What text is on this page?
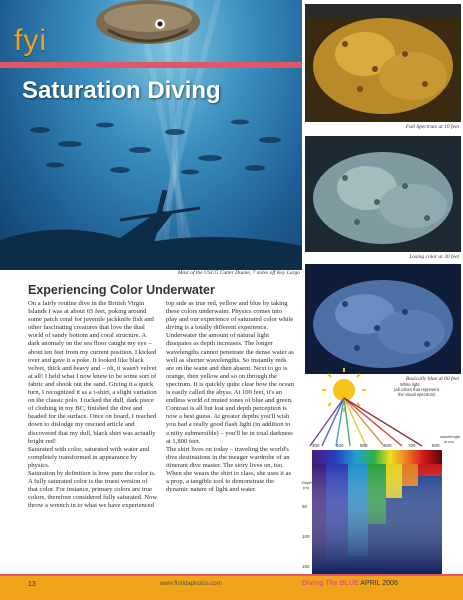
fyi
Saturation Diving
Mast of the USCG Cutter Duane, 7 miles off Key Largo
Full Spectrum at 10 feet
Losing color at 30 feet
Basically blue at 60 feet
Experiencing Color Underwater

On a fairly routine dive in the British Virgin Islands I was at about 65 feet, poking around some patch coral for juvenile jackknife fish and other fascinating creatures that love the dual world of sandy bottom and coral structure. A dark anomaly on the sea floor caught my eye – about ten feet from my current position. I kicked over and gave it a poke. It looked like black velvet, thick and heavy and – oh, it wasn't velvet at all! I held what I now knew to be some sort of fabric and shook out the sand. Giving it a quick turn, I recognized it as a t-shirt, a slight variation on the classic polo. I tucked the dull, dark piece of clothing in my BC, finished the dive and headed for the surface. Once on board, I reached down to dislodge my rescued article and discovered that my dull, black shirt was actually bright red!
Saturated with color, saturated with water and completely transformed in appearance by physics.
Saturation by definition is how pure the color is. A fully saturated color is the truest version of that color. For instance, primary colors are true colors, therefore considered fully saturated. Now throw a wrench in to what we have experienced

top side as true red, yellow and blue by taking these colors underwater. Physics comes into play and our experience of saturated color while diving is a totally different experience.
Underwater the amount of natural light dissipates as depth increases. The longer wavelengths cannot penetrate the dense water as well as shorter wavelengths. So instantly reds are on the wane and then absent. Next to go is orange, then yellow and so on through the spectrum. It is quickly quite clear how the ocean is easily called the abyss. At 100 feet, it's an endless world of muted tones of blue and green. Contrast is all but lost and depth perception is now a best guess. At greater depths you'll wish you had a really good flash light (in addition to a nifty submersible) – you'll be in total darkness at 1,800 feet.
The shirt lives on today – traveling the world's dive destinations in the meager wardrobe of an itinerant dive master. The story lives on, too. When she wears the shirt to class, she uses it as a prop, a tangible tool to demonstrate the dynamic nature of light and water.

White light (all colors that represent the visual spectrum)
300	400	500	600	700	800
wavelength in nm
Depth (m)
50
100
150
13	www.floridaphotos.com	Diving The BLUE APRIL 2006
